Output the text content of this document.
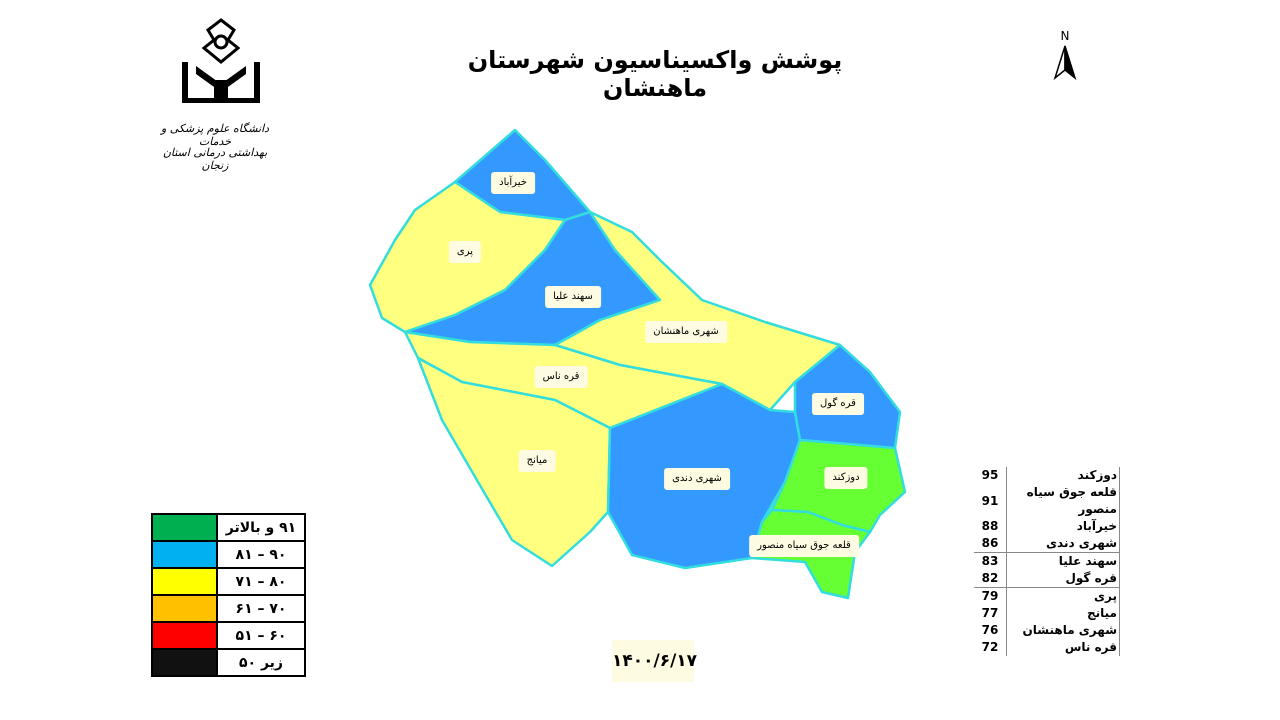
دانشگاه علوم پزشکی و خدمات
بهداشتی درمانی استان زنجان
پوشش واکسیناسیون شهرستان ماهنشان
N
خیرآباد
پری
سهند علیا
شهری ماهنشان
قره ناس
میانج
شهری دندی
قره گول
دوزکند
قلعه جوق سیاه منصور
	۹۱ و بالاتر
	۹۰ – ۸۱
	۸۰ – ۷۱
	۷۰ – ۶۱
	۶۰ – ۵۱
	زیر ۵۰	۱۴۰۰/۶/۱۷
95	دوزکند
91	قلعه جوق سیاه منصور
88	خیرآباد
86	شهری دندی
83	سهند علیا
82	قره گول
79	پری
77	میانج
76	شهری ماهنشان
72	قره ناس
